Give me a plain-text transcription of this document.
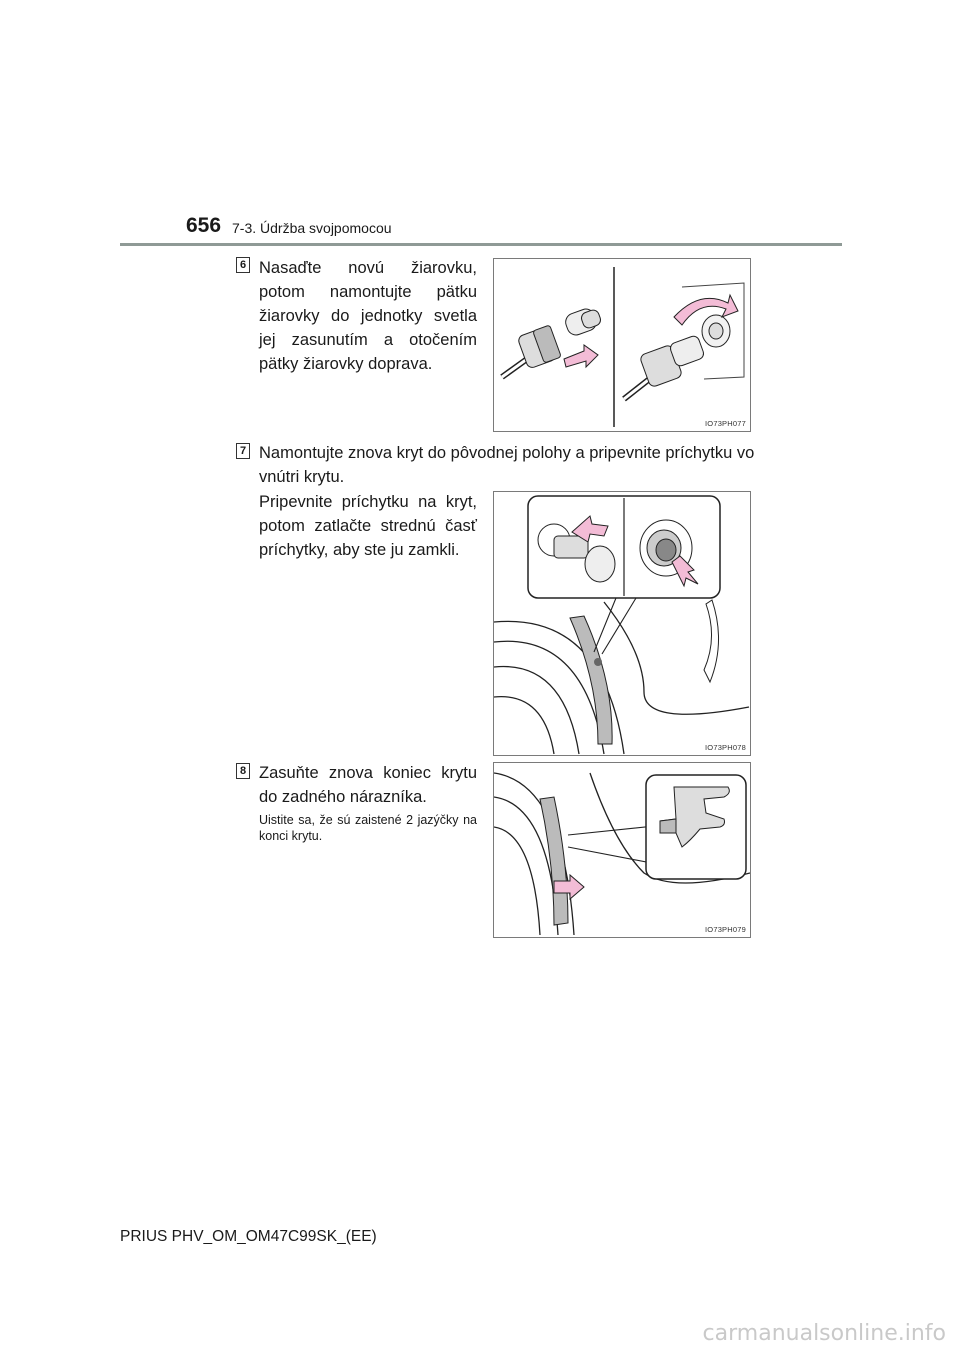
656 7-3. Údržba svojpomocou
6 Nasaďte novú žiarovku, potom namontujte pätku žiarovky do jednotky svetla jej zasunutím a otočením pätky žiarovky doprava.
IO73PH077
7 Namontujte znova kryt do pôvodnej polohy a pripevnite príchytku vo vnútri krytu.
Pripevnite príchytku na kryt, potom zatlačte strednú časť príchytky, aby ste ju zamkli.
IO73PH078
8 Zasuňte znova koniec krytu do zadného nárazníka.
Uistite sa, že sú zaistené 2 jazýčky na konci krytu.
IO73PH079
PRIUS PHV_OM_OM47C99SK_(EE)
carmanualsonline.info
